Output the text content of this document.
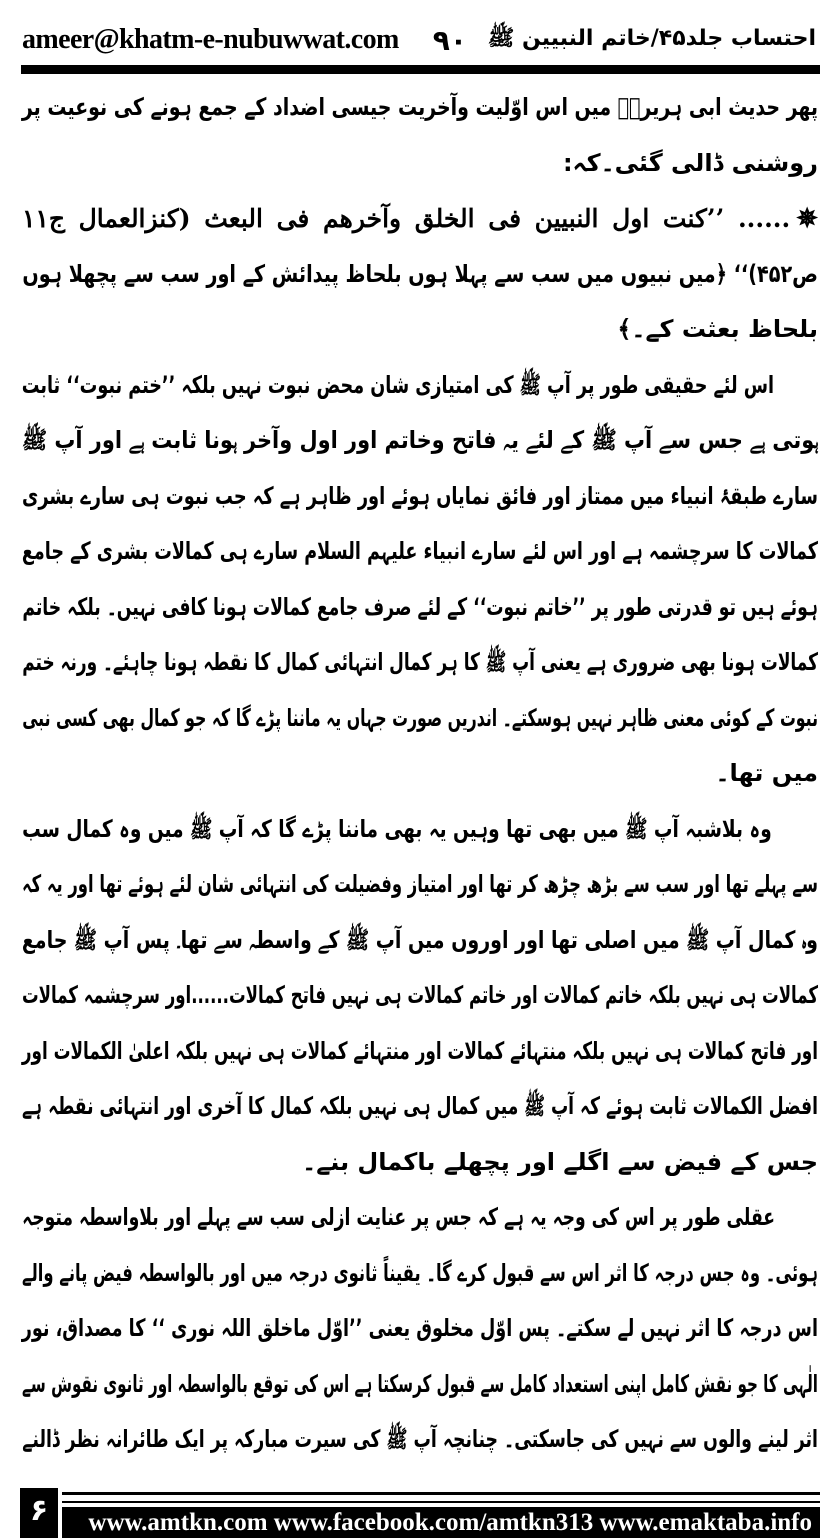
ameer@khatm-e-nubuwwat.com ۹۰ احتساب جلد۴۵/خاتم النبیین ﷺ
پھر حدیث ابی ہریرہؓ میں اس اوّلیت وآخریت جیسی اضداد کے جمع ہونے کی نوعیت پر
روشنی ڈالی گئی۔کہ:
✵...... ’’کنت اول النبیین فی الخلق وآخرھم فی البعث (کنزالعمال ج۱۱
ص۴۵۲)‘‘ ﴿میں نبیوں میں سب سے پہلا ہوں بلحاظ پیدائش کے اور سب سے پچھلا ہوں
بلحاظ بعثت کے۔﴾
اس لئے حقیقی طور پر آپ ﷺ کی امتیازی شان محض نبوت نہیں بلکہ ’’ختم نبوت‘‘ ثابت
ہوتی ہے جس سے آپ ﷺ کے لئے یہ فاتح وخاتم اور اول وآخر ہونا ثابت ہے اور آپ ﷺ
سارے طبقۂ انبیاء میں ممتاز اور فائق نمایاں ہوئے اور ظاہر ہے کہ جب نبوت ہی سارے بشری
کمالات کا سرچشمہ ہے اور اس لئے سارے انبیاء علیہم السلام سارے ہی کمالات بشری کے جامع
ہوئے ہیں تو قدرتی طور پر ’’خاتم نبوت‘‘ کے لئے صرف جامع کمالات ہونا کافی نہیں۔ بلکہ خاتم
کمالات ہونا بھی ضروری ہے یعنی آپ ﷺ کا ہر کمال انتہائی کمال کا نقطہ ہونا چاہئے۔ ورنہ ختم
نبوت کے کوئی معنی ظاہر نہیں ہوسکتے۔ اندریں صورت جہاں یہ ماننا پڑے گا کہ جو کمال بھی کسی نبی
میں تھا۔
وہ بلاشبہ آپ ﷺ میں بھی تھا وہیں یہ بھی ماننا پڑے گا کہ آپ ﷺ میں وہ کمال سب
سے پہلے تھا اور سب سے بڑھ چڑھ کر تھا اور امتیاز وفضیلت کی انتہائی شان لئے ہوئے تھا اور یہ کہ
وہ کمال آپ ﷺ میں اصلی تھا اور اوروں میں آپ ﷺ کے واسطہ سے تھا۔ پس آپ ﷺ جامع
کمالات ہی نہیں بلکہ خاتم کمالات اور خاتم کمالات ہی نہیں فاتح کمالات......اور سرچشمہ کمالات
اور فاتح کمالات ہی نہیں بلکہ منتہائے کمالات اور منتہائے کمالات ہی نہیں بلکہ اعلیٰ الکمالات اور
افضل الکمالات ثابت ہوئے کہ آپ ﷺ میں کمال ہی نہیں بلکہ کمال کا آخری اور انتہائی نقطہ ہے
جس کے فیض سے اگلے اور پچھلے باکمال بنے۔
عقلی طور پر اس کی وجہ یہ ہے کہ جس پر عنایت ازلی سب سے پہلے اور بلاواسطہ متوجہ
ہوئی۔ وہ جس درجہ کا اثر اس سے قبول کرے گا۔ یقیناً ثانوی درجہ میں اور بالواسطہ فیض پانے والے
اس درجہ کا اثر نہیں لے سکتے۔ پس اوّل مخلوق یعنی ’’اوّل ماخلق اللہ نوری ‘‘ کا مصداق، نور
الٰہی کا جو نقش کامل اپنی استعداد کامل سے قبول کرسکتا ہے اس کی توقع بالواسطہ اور ثانوی نقوش سے
اثر لینے والوں سے نہیں کی جاسکتی۔ چنانچہ آپ ﷺ کی سیرت مبارکہ پر ایک طائرانہ نظر ڈالنے
۶	www.amtkn.com www.facebook.com/amtkn313 www.emaktaba.info
